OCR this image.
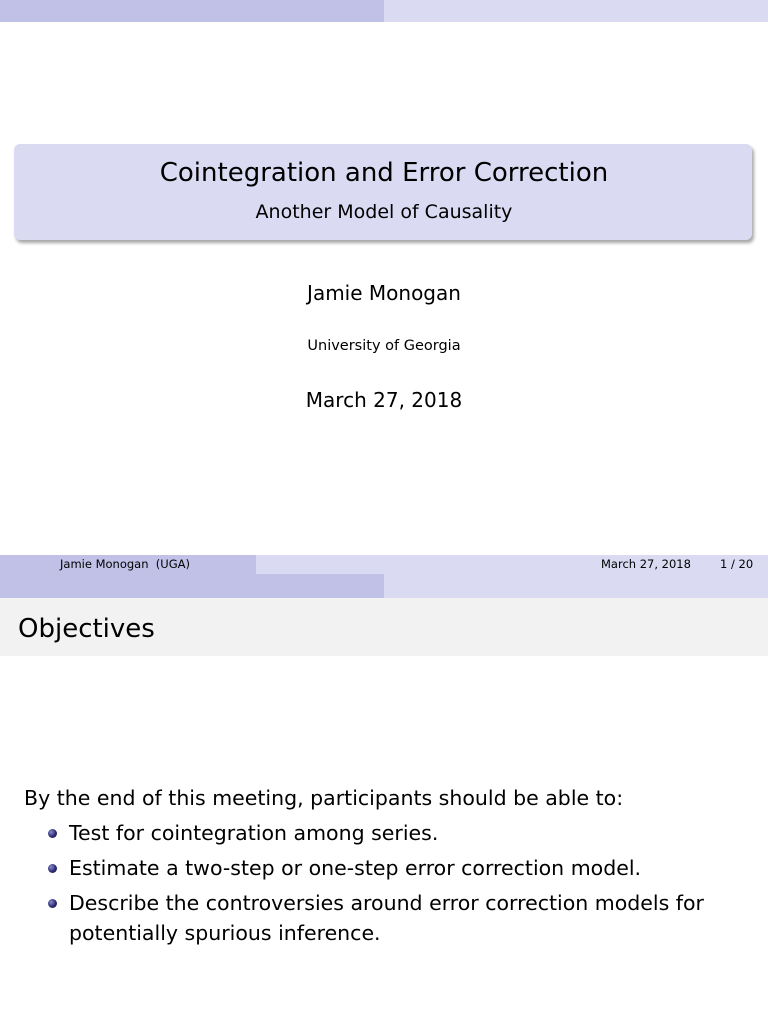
Cointegration and Error Correction
Another Model of Causality
Jamie Monogan
University of Georgia
March 27, 2018
Jamie Monogan  (UGA)

	March 27, 2018	1 / 20
Objectives
By the end of this meeting, participants should be able to:
Test for cointegration among series.
Estimate a two-step or one-step error correction model.
Describe the controversies around error correction models for
potentially spurious inference.
